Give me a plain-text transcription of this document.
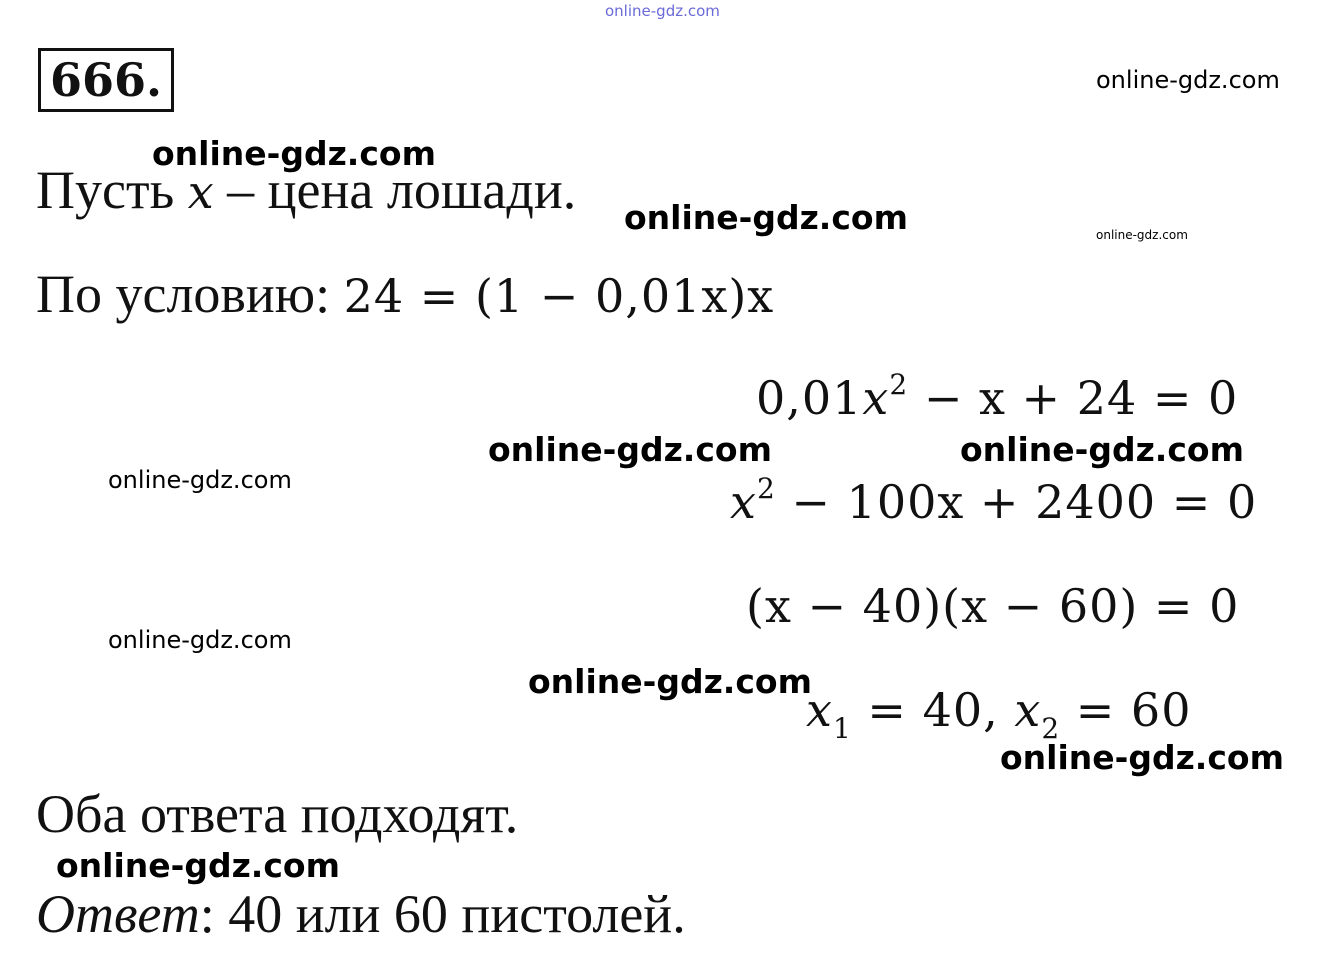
online-gdz.com
666.	online-gdz.com
online-gdz.com
Пусть x – цена лошади. online-gdz.com	online-gdz.com
По условию: 24 = (1 − 0,01x)x
$0,01x^2 - x + 24 = 0$
online-gdz.com	online-gdz.com
online-gdz.com	$x^2 - 100x + 2400 = 0$
(x − 40)(x − 60) = 0
online-gdz.com
online-gdz.com
$x_1 = 40$, $x_2 = 60$
online-gdz.com
Оба ответа подходят.
online-gdz.com
Ответ: 40 или 60 пистолей.
